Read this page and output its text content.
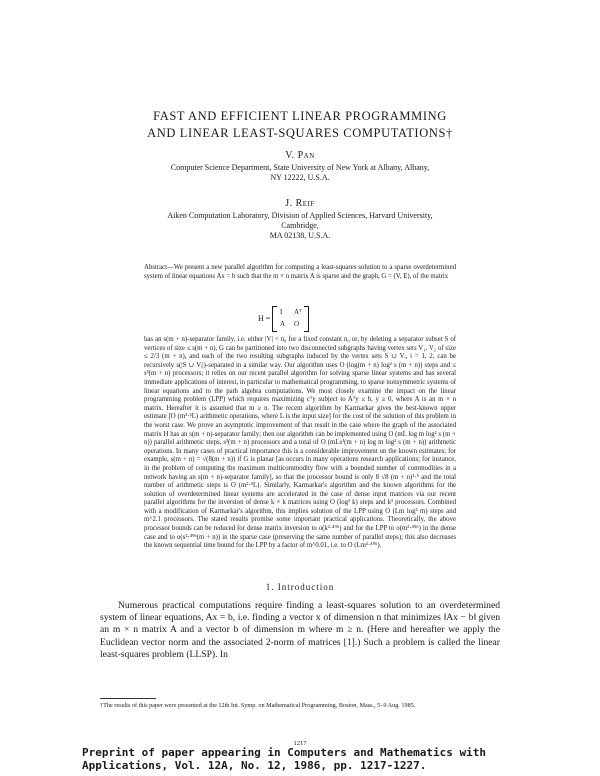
FAST AND EFFICIENT LINEAR PROGRAMMING
AND LINEAR LEAST-SQUARES COMPUTATIONS†
V. Pan
Computer Science Department, State University of New York at Albany, Albany,
NY 12222, U.S.A.
J. Reif
Aiken Computation Laboratory, Division of Applied Sciences, Harvard University, Cambridge,
MA 02138, U.S.A.

Abstract—We present a new parallel algorithm for computing a least-squares solution to a sparse overdetermined system of linear equations Ax = b such that the m × n matrix A is sparse and the graph, G = (V, E), of the matrix

H =
I Aᵀ
A O

has an s(m + n)-separator family, i.e. either |V| < n₀ for a fixed constant n₀ or, by deleting a separator subset S of vertices of size ≤ s(m + n), G can be partitioned into two disconnected subgraphs having vertex sets V₁, V₂ of size ≤ 2/3 (m + n), and each of the two resulting subgraphs induced by the vertex sets S ∪ Vᵢ, i = 1, 2, can be recursively s(|S ∪ Vᵢ|)-separated in a similar way. Our algorithm uses O (log(m + n) log² s (m + n)) steps and ≤ s³(m + n) processors; it relies on our recent parallel algorithm for solving sparse linear systems and has several immediate applications of interest, in particular to mathematical programming, to sparse nonsymmetric systems of linear equations and to the path algebra computations. We most closely examine the impact on the linear programming problem (LPP) which requires maximizing cᵀy subject to Aᵀy ≤ b, y ≥ 0, where A is an m × n matrix. Hereafter it is assumed that m ≥ n. The recent algorithm by Karmarkar gives the best-known upper estimate [O (m³·⁵L) arithmetic operations, where L is the input size] for the cost of the solution of this problem in the worst case. We prove an asymptotic improvement of that result in the case where the graph of the associated matrix H has an s(m + n)-separator family; then our algorithm can be implemented using O (mL log m log² s (m + n)) parallel arithmetic steps, s³(m + n) processors and a total of O (mLs³(m + n) log m log² s (m + n)) arithmetic operations. In many cases of practical importance this is a considerable improvement on the known estimates; for example, s(m + n) = √(8(m + n)) if G is planar [as occurs in many operations research applications; for instance, in the problem of computing the maximum multicommodity flow with a bounded number of commodities in a network having an s(m + n)-separator family], so that the processor bound is only 8 √8 (m + n)¹·⁵ and the total number of arithmetic steps is O (m²·⁵L). Similarly, Karmarkar's algorithm and the known algorithms for the solution of overdetermined linear systems are accelerated in the case of dense input matrices via our recent parallel algorithms for the inversion of dense k × k matrices using O (log² k) steps and k³ processors. Combined with a modification of Karmarkar's algorithm, this implies solution of the LPP using O (Lm log² m) steps and m^2.1 processors. The stated results promise some important practical applications. Theoretically, the above processor bounds can be reduced for dense matrix inversion to o(k²·⁴⁹⁶) and for the LPP to o(m²·⁴⁹⁶) in the dense case and to o(s²·⁴⁹⁶(m + n)) in the sparse case (preserving the same number of parallel steps); this also decreases the known sequential time bound for the LPP by a factor of m^0.01, i.e. to O (Lm³·⁴⁹⁶).

1. Introduction

Numerous practical computations require finding a least-squares solution to an overdetermined system of linear equations, Ax = b, i.e. finding a vector x of dimension n that minimizes ‖Ax − b‖ given an m × n matrix A and a vector b of dimension m where m ≥ n. (Here and hereafter we apply the Euclidean vector norm and the associated 2-norm of matrices [1].) Such a problem is called the linear least-squares problem (LLSP). In

†The results of this paper were presented at the 12th Int. Symp. on Mathematical Programming, Boston, Mass., 5–9 Aug. 1985.
1217
Preprint of paper appearing in Computers and Mathematics with
Applications, Vol. 12A, No. 12, 1986, pp. 1217-1227.
